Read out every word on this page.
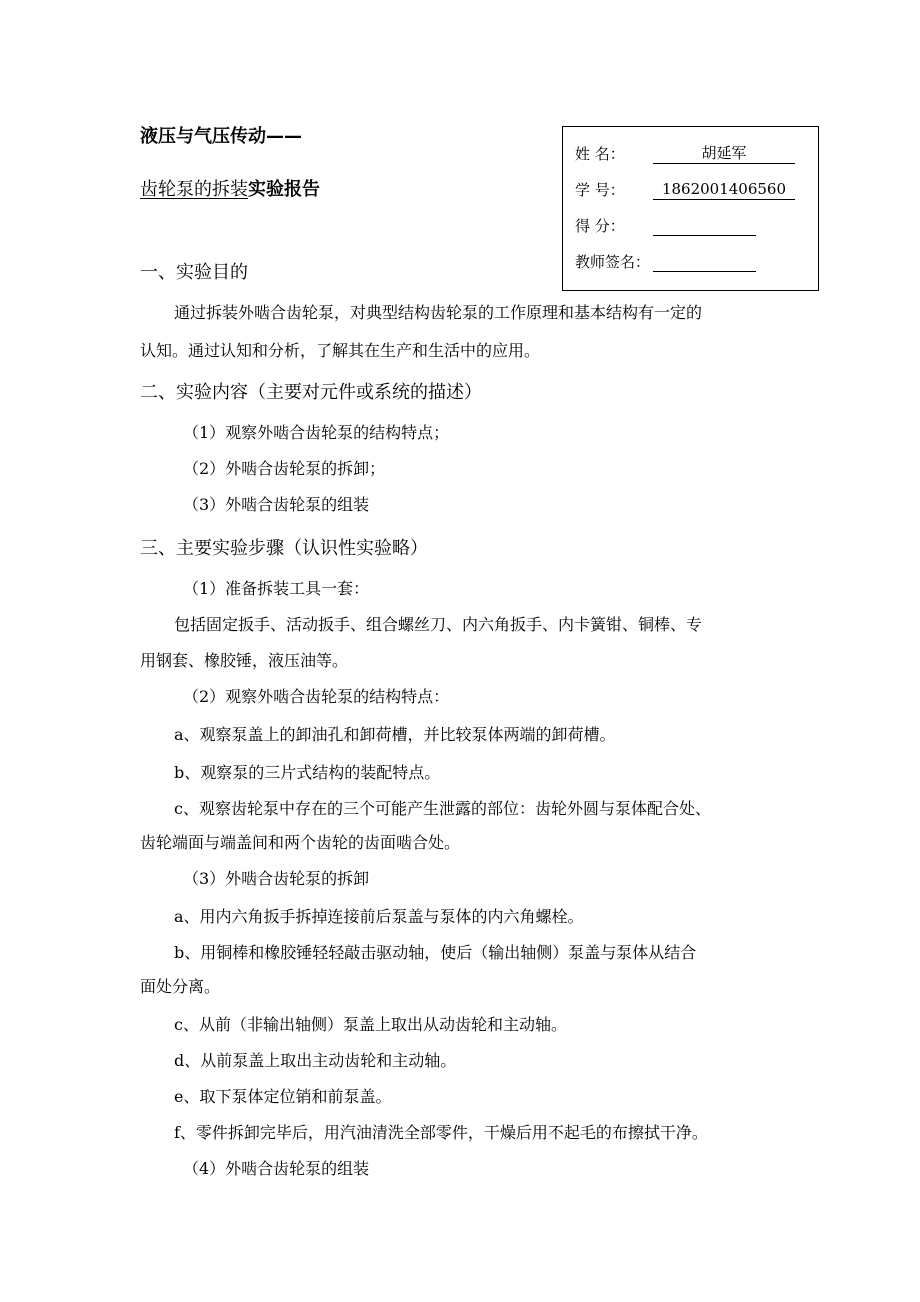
液压与气压传动——
齿轮泵的拆装实验报告
姓 名：	胡延军
学 号： 1862001406560
得 分：
教师签名：
一、实验目的
通过拆装外啮合齿轮泵，对典型结构齿轮泵的工作原理和基本结构有一定的
认知。通过认知和分析，了解其在生产和生活中的应用。
二、实验内容（主要对元件或系统的描述）
（1）观察外啮合齿轮泵的结构特点；
（2）外啮合齿轮泵的拆卸；
（3）外啮合齿轮泵的组装
三、主要实验步骤（认识性实验略）
（1）准备拆装工具一套：
包括固定扳手、活动扳手、组合螺丝刀、内六角扳手、内卡簧钳、铜棒、专
用钢套、橡胶锤，液压油等。
（2）观察外啮合齿轮泵的结构特点：
a、观察泵盖上的卸油孔和卸荷槽，并比较泵体两端的卸荷槽。
b、观察泵的三片式结构的装配特点。
c、观察齿轮泵中存在的三个可能产生泄露的部位：齿轮外圆与泵体配合处、
齿轮端面与端盖间和两个齿轮的齿面啮合处。
（3）外啮合齿轮泵的拆卸
a、用内六角扳手拆掉连接前后泵盖与泵体的内六角螺栓。
b、用铜棒和橡胶锤轻轻敲击驱动轴，使后（输出轴侧）泵盖与泵体从结合
面处分离。
c、从前（非输出轴侧）泵盖上取出从动齿轮和主动轴。
d、从前泵盖上取出主动齿轮和主动轴。
e、取下泵体定位销和前泵盖。
f、零件拆卸完毕后，用汽油清洗全部零件，干燥后用不起毛的布擦拭干净。
（4）外啮合齿轮泵的组装
